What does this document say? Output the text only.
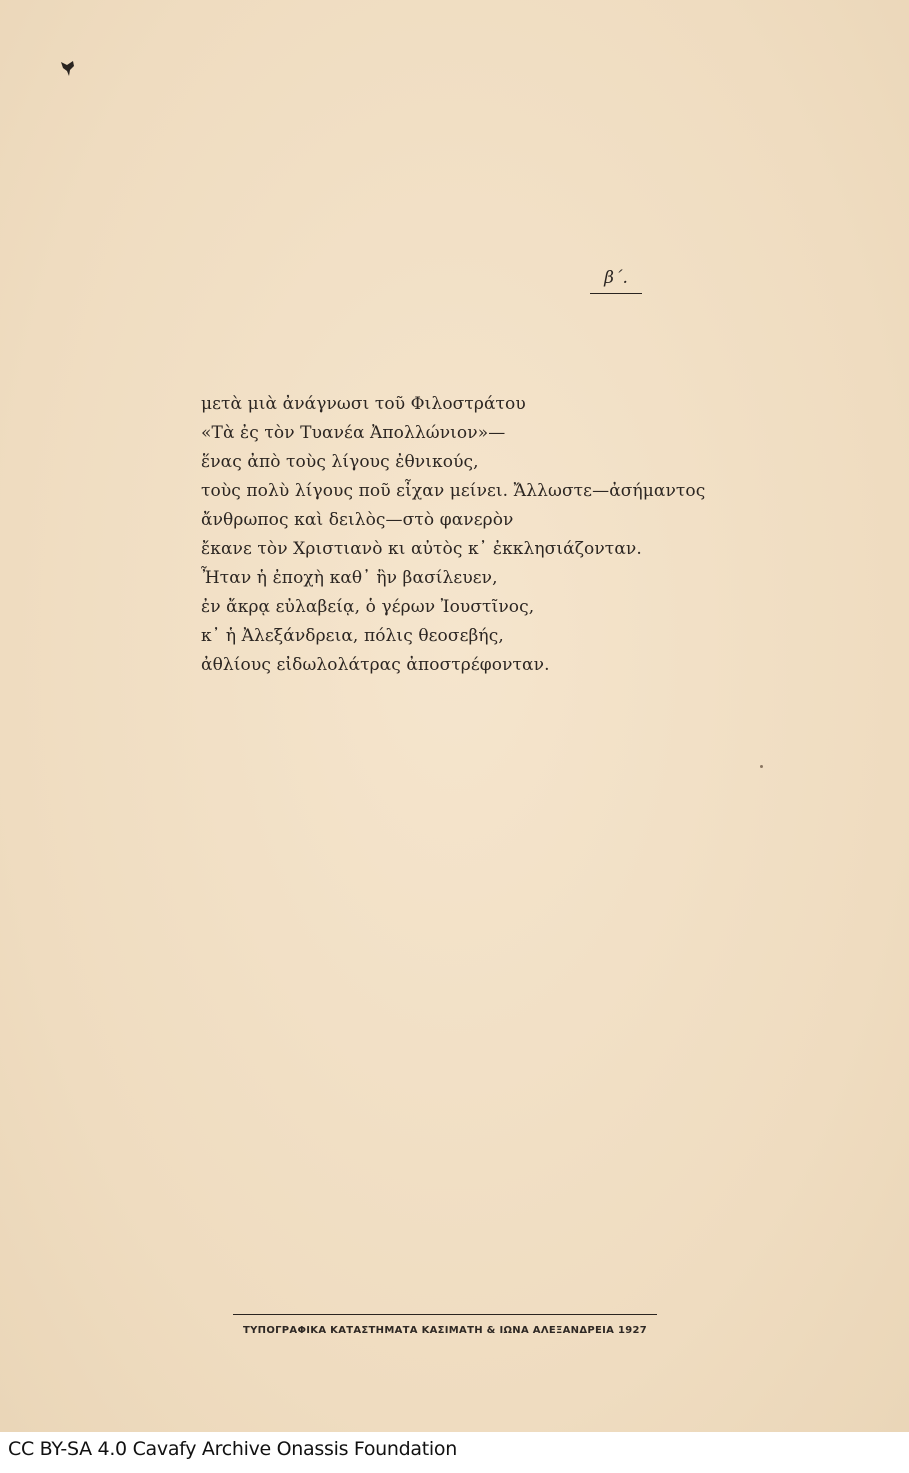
β΄.
μετὰ μιὰ ἀνάγνωσι τοῦ Φιλοστράτου
«Τὰ ἐς τὸν Τυανέα Ἀπολλώνιον»—
ἕνας ἀπὸ τοὺς λίγους ἐθνικούς,
τοὺς πολὺ λίγους ποῦ εἶχαν μείνει. Ἄλλωστε—ἀσήμαντος
ἄνθρωπος καὶ δειλὸς—στὸ φανερὸν
ἔκανε τὸν Χριστιανὸ κι αὐτὸς κ᾽ ἐκκλησιάζονταν.
Ἦταν ἡ ἐποχὴ καθ᾽ ἣν βασίλευεν,
ἐν ἄκρᾳ εὐλαβείᾳ, ὁ γέρων Ἰουστῖνος,
κ᾽ ἡ Ἀλεξάνδρεια, πόλις θεοσεβής,
ἀθλίους εἰδωλολάτρας ἀποστρέφονταν.
ΤΥΠΟΓΡΑΦΙΚΑ ΚΑΤΑΣΤΗΜΑΤΑ ΚΑΣΙΜΑΤΗ & ΙΩΝΑ ΑΛΕΞΑΝΔΡΕΙΑ 1927
CC BY-SA 4.0 Cavafy Archive Onassis Foundation
